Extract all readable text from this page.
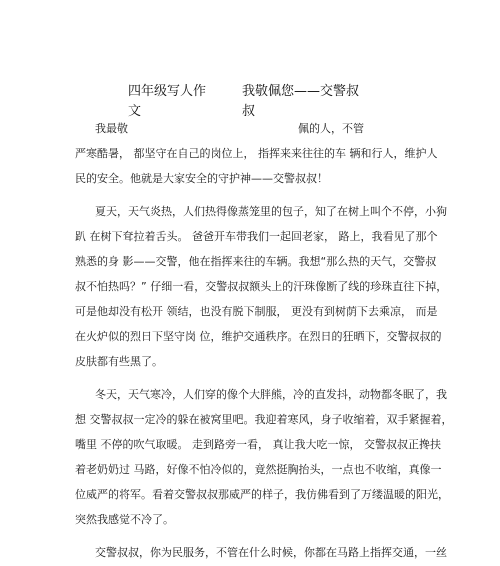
四年级写人作
文
我敬佩您——交警叔
叔
我最敬	佩的人，不管
严寒酷暑， 都坚守在自己的岗位上， 指挥来来往往的车 辆和行人，维护人
民的安全。他就是大家安全的守护神——交警叔叔！
夏天，天气炎热，人们热得像蒸笼里的包子，知了在树上叫个不停，小狗
趴 在树下耷拉着舌头。 爸爸开车带我们一起回老家， 路上，我看见了那个
熟悉的身 影——交警，他在指挥来往的车辆。我想“那么热的天气，交警叔
叔不怕热吗？” 仔细一看，交警叔叔额头上的汗珠像断了线的珍珠直往下掉，
可是他却没有松开 领结，也没有脱下制服， 更没有到树荫下去乘凉， 而是
在火炉似的烈日下坚守岗 位，维护交通秩序。在烈日的狂晒下，交警叔叔的
皮肤都有些黑了。
冬天，天气寒冷，人们穿的像个大胖熊，冷的直发抖，动物都冬眠了，我
想 交警叔叔一定冷的躲在被窝里吧。我迎着寒风，身子收缩着，双手紧握着，
嘴里 不停的吹气取暖。 走到路旁一看， 真让我大吃一惊， 交警叔叔正搀扶
着老奶奶过 马路，好像不怕冷似的，竟然挺胸抬头，一点也不收缩，真像一
位威严的将军。看着交警叔叔那威严的样子，我仿佛看到了万缕温暖的阳光，
突然我感觉不冷了。
交警叔叔，你为民服务，不管在什么时候，你都在马路上指挥交通，一丝
